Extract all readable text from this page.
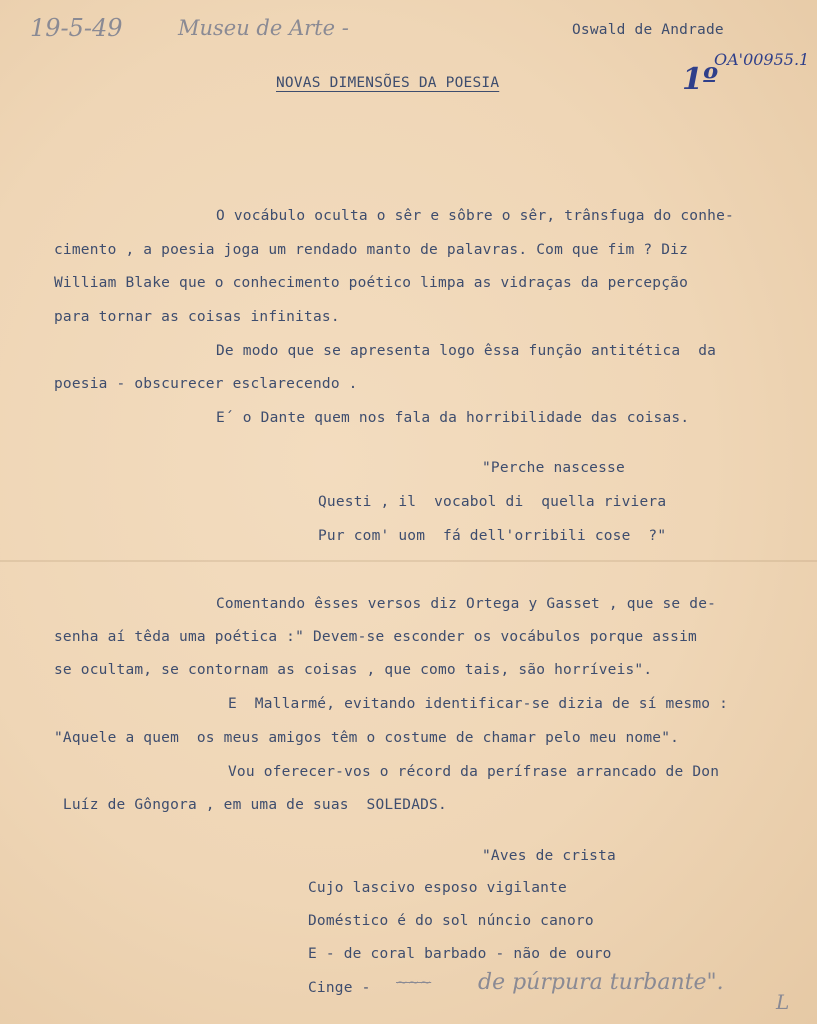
19-5-49	Museu de Arte -	Oswald de Andrade
OA'00955.1
1º
NOVAS DIMENSÕES DA POESIA
O vocábulo oculta o sêr e sôbre o sêr, trânsfuga do conhe-
cimento , a poesia joga um rendado manto de palavras. Com que fim ? Diz
William Blake que o conhecimento poético limpa as vidraças da percepção
para tornar as coisas infinitas.
De modo que se apresenta logo êssa função antitética  da
poesia - obscurecer esclarecendo .
E´ o Dante quem nos fala da horribilidade das coisas.
"Perche nascesse
Questi , il  vocabol di  quella riviera
Pur com' uom  fá dell'orribili cose  ?"
Comentando êsses versos diz Ortega y Gasset , que se de-
senha aí têda uma poética :" Devem-se esconder os vocábulos porque assim
se ocultam, se contornam as coisas , que como tais, são horríveis".
E  Mallarmé, evitando identificar-se dizia de sí mesmo :
"Aquele a quem  os meus amigos têm o costume de chamar pelo meu nome".
Vou oferecer-vos o récord da perífrase arrancado de Don
Luíz de Gôngora , em uma de suas  SOLEDADS.
"Aves de crista
Cujo lascivo esposo vigilante
Doméstico é do sol núncio canoro
E - de coral barbado - não de ouro
Cinge - ~~~ de púrpura turbante".
L
